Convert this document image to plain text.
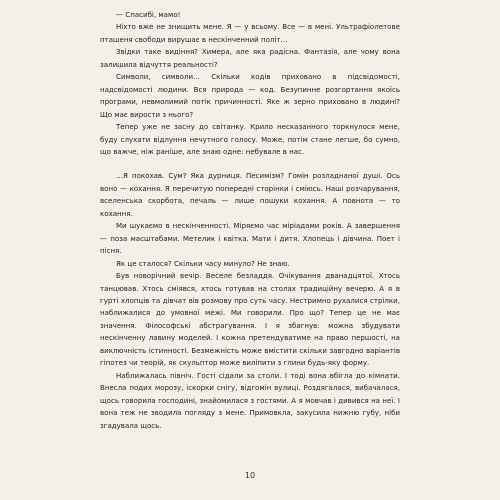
— Спасибі, мамо!

Ніхто вже не знищить мене. Я — у всьому. Все — в мені. Ультрафіолетове пташеня свободи вирушає в нескінченний політ…

Звідки таке видіння? Химера, але яка радісна. Фантазія, але чому вона залишила відчуття реальності?

Символи, символи… Скільки кодів приховано в підсвідомості, надсвідомості людини. Вся природа — код. Безупинне розгортання якоїсь програми, невмолимий потік причинності. Яке ж зерно приховано в людині? Що має вирости з нього?

Тепер уже не засну до світанку. Крило несказанного торкнулося мене, буду слухати відлуння нечутного голосу. Може, потім стане легше, бо сумно, що важче, ніж раніше, але знаю одне: небувале в нас.

…Я покохав. Сум? Яка дурниця. Песимізм? Гомін розладнаної душі. Ось воно — кохання. Я перечитую попередні сторінки і сміюсь. Наші розчарування, вселенська скорбота, печаль — лише пошуки кохання. А повнота — то кохання.

Ми шукаємо в нескінченності. Міряємо час міріадами років. А завершення — поза масштабами. Метелик і квітка. Мати і дитя. Хлопець і дівчина. Поет і пісня.

Як це сталося? Скільки часу минуло? Не знаю.

Був новорічний вечір. Веселе безладдя. Очікування дванадцятої. Хтось танцював. Хтось сміявся, хтось готував на столах традиційну вечерю. А я в гурті хлопців та дівчат вів розмову про суть часу. Нестримно рухалися стрілки, наближалися до умовної межі. Ми говорили. Про що? Тепер це не має значення. Філософські абстрагування. І я збагнув: можна збудувати нескінченну лавину моделей. І кожна претендуватиме на право першості, на виключність істинності. Безмежність може вмістити скільки завгодно варіантів гіпотез чи теорій, як скульптор може виліпити з глини будь-яку форму.

Наближалась північ. Гості сідали за столи. І тоді вона вбігла до кімнати. Внесла подих морозу, іскорки снігу, відгомін вулиці. Роздягалася, вибачалася, щось говорила господині, знайомилася з гостями. А я мовчав і дивився на неї. І вона теж не зводила погляду з мене. Примовкла, закусила нижню губу, ніби згадувала щось.

10
